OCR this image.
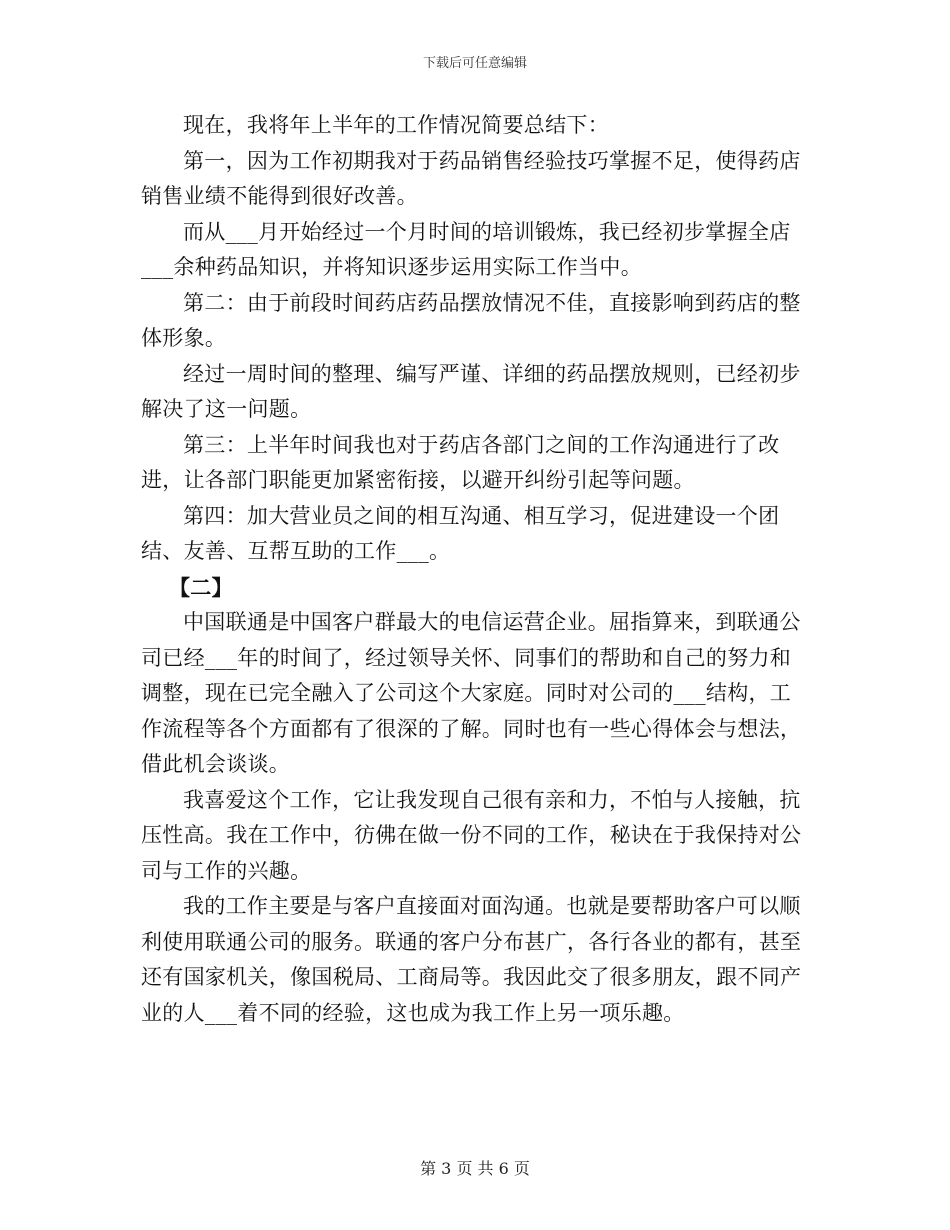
下载后可任意编辑

现在，我将年上半年的工作情况简要总结下：

第一，因为工作初期我对于药品销售经验技巧掌握不足，使得药店销售业绩不能得到很好改善。

而从___月开始经过一个月时间的培训锻炼，我已经初步掌握全店___余种药品知识，并将知识逐步运用实际工作当中。

第二：由于前段时间药店药品摆放情况不佳，直接影响到药店的整体形象。

经过一周时间的整理、编写严谨、详细的药品摆放规则，已经初步解决了这一问题。

第三：上半年时间我也对于药店各部门之间的工作沟通进行了改进，让各部门职能更加紧密衔接，以避开纠纷引起等问题。

第四：加大营业员之间的相互沟通、相互学习，促进建设一个团结、友善、互帮互助的工作___。

【二】

中国联通是中国客户群最大的电信运营企业。屈指算来，到联通公司已经___年的时间了，经过领导关怀、同事们的帮助和自己的努力和调整，现在已完全融入了公司这个大家庭。同时对公司的___结构，工作流程等各个方面都有了很深的了解。同时也有一些心得体会与想法，借此机会谈谈。

我喜爱这个工作，它让我发现自己很有亲和力，不怕与人接触，抗压性高。我在工作中，彷佛在做一份不同的工作，秘诀在于我保持对公司与工作的兴趣。

我的工作主要是与客户直接面对面沟通。也就是要帮助客户可以顺利使用联通公司的服务。联通的客户分布甚广，各行各业的都有，甚至还有国家机关，像国税局、工商局等。我因此交了很多朋友，跟不同产业的人___着不同的经验，这也成为我工作上另一项乐趣。

第 3 页 共 6 页
